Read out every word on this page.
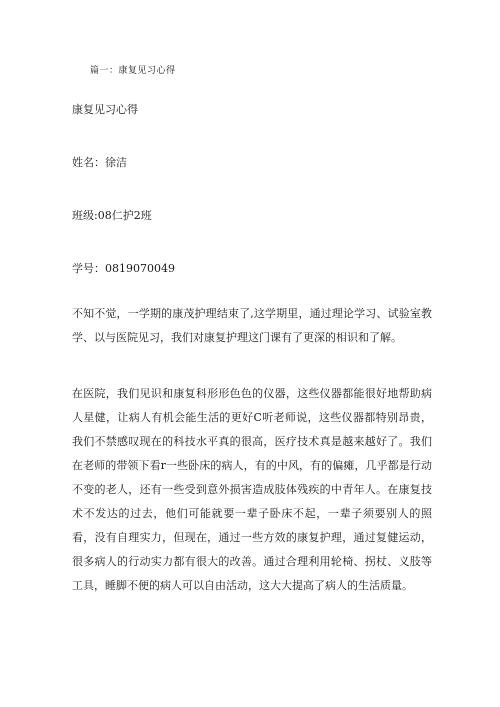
篇一：康复见习心得
康复见习心得
姓名：徐洁
班级:08仁护2班
学号：0819070049

不知不觉，一学期的康茂护理结束了,这学期里，通过理论学习、试验室教学、以与医院见习，我们对康复护理这门课有了更深的相识和了解。

在医院，我们见识和康复科形形色色的仪器，这些仪器都能很好地帮助病人星健，让病人有机会能生活的更好C听老师说，这些仪器都特别昂贵，我们不禁感叹现在的科技水平真的很高，医疗技术真是越来越好了。我们在老师的带领下看r一些卧床的病人，有的中风，有的偏瘫，几乎都是行动不变的老人，还有一些受到意外损害造成肢体残疾的中青年人。在康复技术不发达的过去，他们可能就要一辈子卧床不起，一辈子须要别人的照看，没有自理实力，但现在，通过一些方效的康复护理，通过复健运动，很多病人的行动实力都有很大的改善。通过合理利用轮椅、拐杖、义肢等工具，睡脚不便的病人可以自由活动，这大大提高了病人的生活质量。
